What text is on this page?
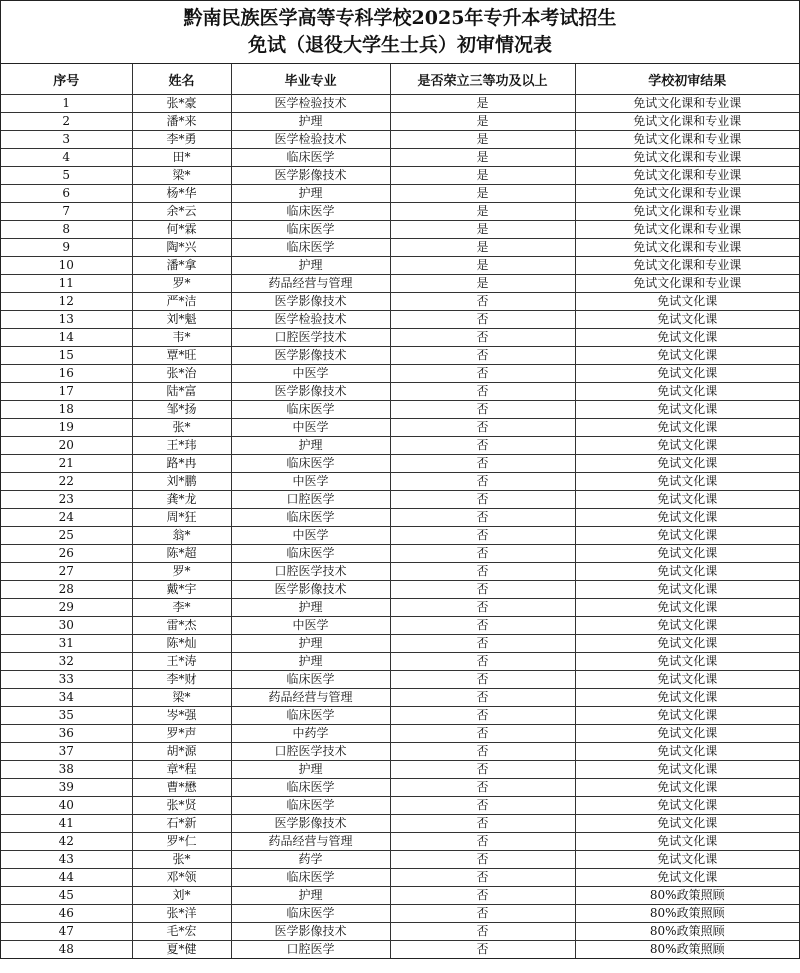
黔南民族医学高等专科学校2025年专升本考试招生
免试（退役大学生士兵）初审情况表
序号	姓名	毕业专业	是否荣立三等功及以上	学校初审结果
1	张*豪	医学检验技术	是	免试文化课和专业课
2	潘*来	护理	是	免试文化课和专业课
3	李*勇	医学检验技术	是	免试文化课和专业课
4	田*	临床医学	是	免试文化课和专业课
5	梁*	医学影像技术	是	免试文化课和专业课
6	杨*华	护理	是	免试文化课和专业课
7	余*云	临床医学	是	免试文化课和专业课
8	何*霖	临床医学	是	免试文化课和专业课
9	陶*兴	临床医学	是	免试文化课和专业课
10	潘*拿	护理	是	免试文化课和专业课
11	罗*	药品经营与管理	是	免试文化课和专业课
12	严*洁	医学影像技术	否	免试文化课
13	刘*魁	医学检验技术	否	免试文化课
14	韦*	口腔医学技术	否	免试文化课
15	覃*旺	医学影像技术	否	免试文化课
16	张*治	中医学	否	免试文化课
17	陆*富	医学影像技术	否	免试文化课
18	邹*扬	临床医学	否	免试文化课
19	张*	中医学	否	免试文化课
20	王*玮	护理	否	免试文化课
21	路*冉	临床医学	否	免试文化课
22	刘*鹏	中医学	否	免试文化课
23	龚*龙	口腔医学	否	免试文化课
24	周*狂	临床医学	否	免试文化课
25	翁*	中医学	否	免试文化课
26	陈*超	临床医学	否	免试文化课
27	罗*	口腔医学技术	否	免试文化课
28	戴*宇	医学影像技术	否	免试文化课
29	李*	护理	否	免试文化课
30	雷*杰	中医学	否	免试文化课
31	陈*灿	护理	否	免试文化课
32	王*涛	护理	否	免试文化课
33	李*财	临床医学	否	免试文化课
34	梁*	药品经营与管理	否	免试文化课
35	岑*强	临床医学	否	免试文化课
36	罗*声	中药学	否	免试文化课
37	胡*源	口腔医学技术	否	免试文化课
38	章*程	护理	否	免试文化课
39	曹*懋	临床医学	否	免试文化课
40	张*贤	临床医学	否	免试文化课
41	石*新	医学影像技术	否	免试文化课
42	罗*仁	药品经营与管理	否	免试文化课
43	张*	药学	否	免试文化课
44	邓*领	临床医学	否	免试文化课
45	刘*	护理	否	80%政策照顾
46	张*洋	临床医学	否	80%政策照顾
47	毛*宏	医学影像技术	否	80%政策照顾
48	夏*健	口腔医学	否	80%政策照顾
